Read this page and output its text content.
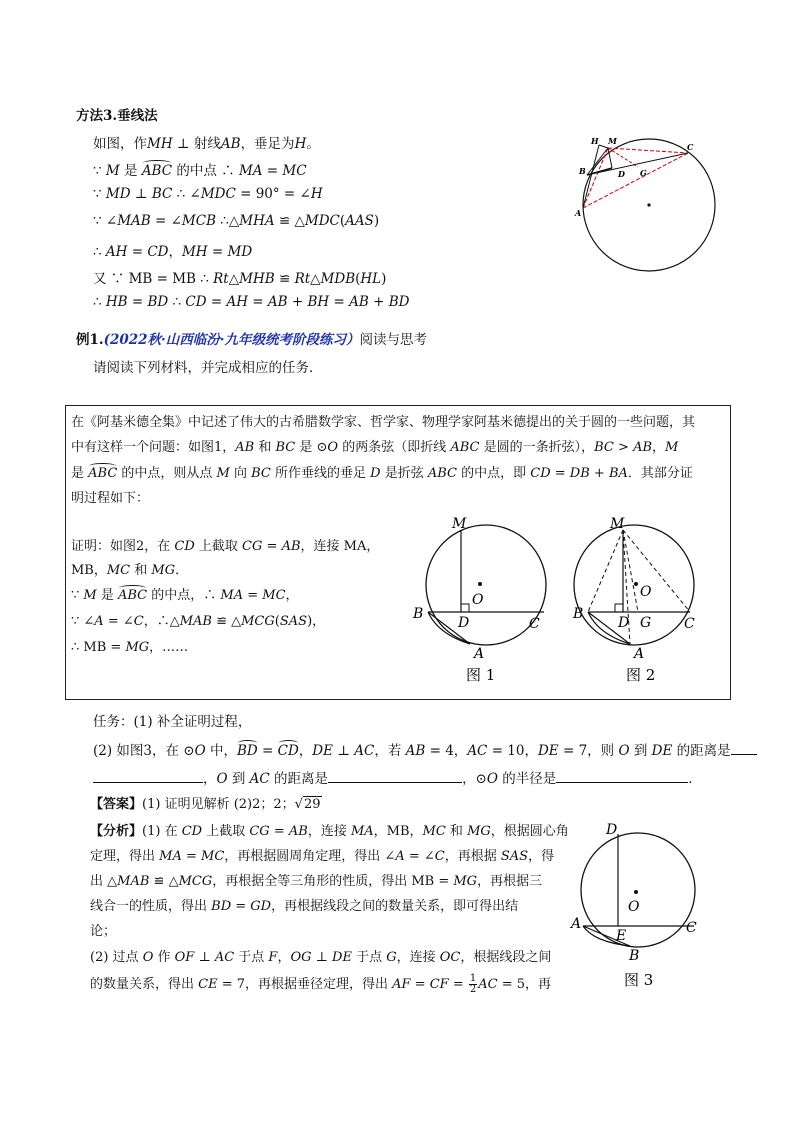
方法3.垂线法
如图，作MH ⊥ 射线AB，垂足为H。
∵ M 是 ABC 的中点 ∴ MA = MC
∵ MD ⊥ BC ∴ ∠MDC = 90° = ∠H
∵ ∠MAB = ∠MCB ∴△MHA ≌ △MDC(AAS)
∴ AH = CD，MH = MD
又 ∵ MB = MB ∴ Rt△MHB ≌ Rt△MDB(HL)
∴ HB = BD ∴ CD = AH = AB + BH = AB + BD
H M
B	D G
C
A
例1.(2022秋·山西临汾·九年级统考阶段练习）阅读与思考
请阅读下列材料，并完成相应的任务．
在《阿基米德全集》中记述了伟大的古希腊数学家、哲学家、物理学家阿基米德提出的关于圆的一些问题，其
中有这样一个问题：如图1，AB 和 BC 是 ⊙O 的两条弦（即折线 ABC 是圆的一条折弦），BC > AB，M
是 ABC 的中点，则从点 M 向 BC 所作垂线的垂足 D 是折弦 ABC 的中点，即 CD = DB + BA．其部分证
明过程如下：
证明：如图2，在 CD 上截取 CG = AB，连接 MA，
MB，MC 和 MG．
∵ M 是 ABC 的中点，∴ MA = MC，
∵ ∠A = ∠C，∴△MAB ≌ △MCG(SAS)，
∴ MB = MG，……
M
O
B
D	C
A
图 1
M
O
B
D G C
A
图 2
任务：(1) 补全证明过程，
(2) 如图3，在 ⊙O 中，BD = CD，DE ⊥ AC，若 AB = 4，AC = 10，DE = 7，则 O 到 DE 的距离是
，O 到 AC 的距离是	，⊙O 的半径是	．
【答案】(1) 证明见解析 (2)2；2；√29
【分析】(1) 在 CD 上截取 CG = AB，连接 MA，MB，MC 和 MG，根据圆心角
定理，得出 MA = MC，再根据圆周角定理，得出 ∠A = ∠C，再根据 SAS，得
出 △MAB ≌ △MCG，再根据全等三角形的性质，得出 MB = MG，再根据三
线合一的性质，得出 BD = GD，再根据线段之间的数量关系，即可得出结
论；
(2) 过点 O 作 OF ⊥ AC 于点 F，OG ⊥ DE 于点 G，连接 OC，根据线段之间
的数量关系，得出 CE = 7，再根据垂径定理，得出 AF = CF = $\frac{1}{2}$ AC = 5，再
D
O
A
E	C
B
图 3
